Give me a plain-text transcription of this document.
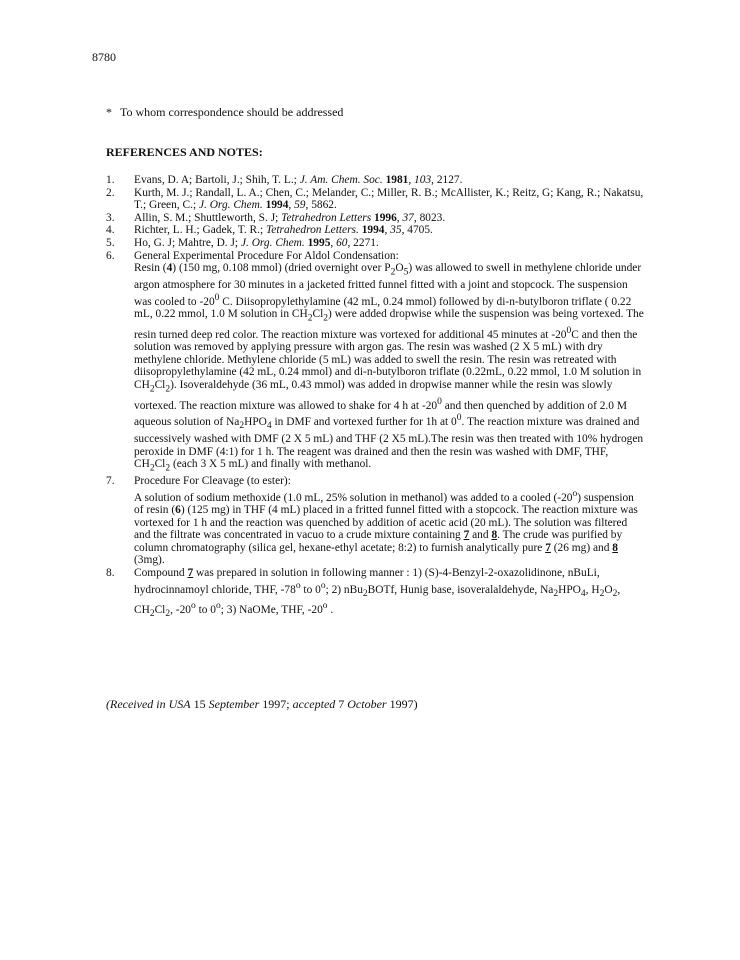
8780
* To whom correspondence should be addressed
REFERENCES AND NOTES:
1.	Evans, D. A; Bartoli, J.; Shih, T. L.; J. Am. Chem. Soc. 1981, 103, 2127.
2.	Kurth, M. J.; Randall, L. A.; Chen, C.; Melander, C.; Miller, R. B.; McAllister, K.; Reitz, G; Kang, R.; Nakatsu, T.; Green, C.; J. Org. Chem. 1994, 59, 5862.
3.	Allin, S. M.; Shuttleworth, S. J; Tetrahedron Letters 1996, 37, 8023.
4.	Richter, L. H.; Gadek, T. R.; Tetrahedron Letters. 1994, 35, 4705.
5.	Ho, G. J; Mahtre, D. J; J. Org. Chem. 1995, 60, 2271.
6.	General Experimental Procedure For Aldol Condensation:
Resin (4) (150 mg, 0.108 mmol) (dried overnight over $P_2O_5$) was allowed to swell in methylene chloride under argon atmosphere for 30 minutes in a jacketed fritted funnel fitted with a joint and stopcock. The suspension was cooled to $-20^0$ C. Diisopropylethylamine (42 mL, 0.24 mmol) followed by di-n-butylboron triflate ( 0.22 mL, 0.22 mmol, 1.0 M solution in $CH_2Cl_2$) were added dropwise while the suspension was being vortexed. The resin turned deep red color. The reaction mixture was vortexed for additional 45 minutes at $-20^0C$ and then the solution was removed by applying pressure with argon gas. The resin was washed (2 X 5 mL) with dry methylene chloride. Methylene chloride (5 mL) was added to swell the resin. The resin was retreated with diisopropylethylamine (42 mL, 0.24 mmol) and di-n-butylboron triflate (0.22mL, 0.22 mmol, 1.0 M solution in $CH_2Cl_2$). Isoveraldehyde (36 mL, 0.43 mmol) was added in dropwise manner while the resin was slowly vortexed. The reaction mixture was allowed to shake for 4 h at $-20^0$ and then quenched by addition of 2.0 M aqueous solution of $Na_2HPO_4$ in DMF and vortexed further for 1h at $0^0$. The reaction mixture was drained and successively washed with DMF (2 X 5 mL) and THF (2 X5 mL).The resin was then treated with 10% hydrogen peroxide in DMF (4:1) for 1 h. The reagent was drained and then the resin was washed with DMF, THF, $CH_2Cl_2$ (each 3 X 5 mL) and finally with methanol.
7.	Procedure For Cleavage (to ester):
A solution of sodium methoxide (1.0 mL, 25% solution in methanol) was added to a cooled (-20$^o$) suspension of resin (6) (125 mg) in THF (4 mL) placed in a fritted funnel fitted with a stopcock. The reaction mixture was vortexed for 1 h and the reaction was quenched by addition of acetic acid (20 mL). The solution was filtered and the filtrate was concentrated in vacuo to a crude mixture containing 7 and 8. The crude was purified by column chromatography (silica gel, hexane-ethyl acetate; 8:2) to furnish analytically pure 7 (26 mg) and 8 (3mg).
8.	Compound 7 was prepared in solution in following manner : 1) (S)-4-Benzyl-2-oxazolidinone, nBuLi, hydrocinnamoyl chloride, THF, -78$^o$ to 0$^o$; 2) nBu$_2$BOTf, Hunig base, isoveralaldehyde, $Na_2HPO_4$, $H_2O_2$, $CH_2Cl_2$, -20$^o$ to 0$^o$; 3) NaOMe, THF, -20$^o$ .
(Received in USA 15 September 1997; accepted 7 October 1997)
